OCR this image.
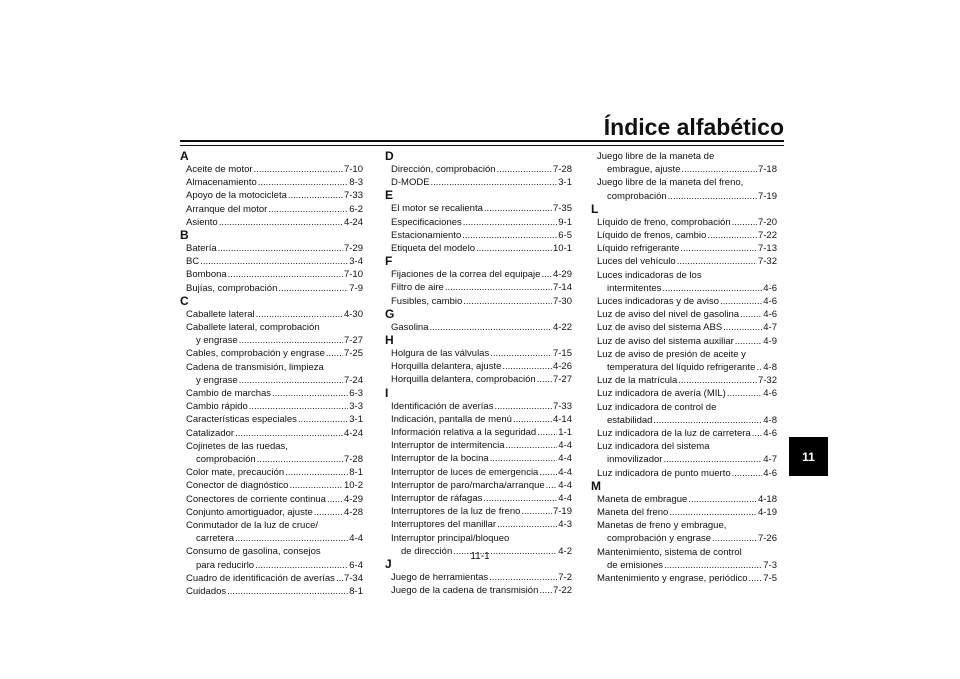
Índice alfabético
A
Aceite de motor .....	7-10
Almacenamiento .....	8-3
Apoyo de la motocicleta .....	7-33
Arranque del motor .....	6-2
Asiento .....	4-24
B
Batería .....	7-29
BC .....	3-4
Bombona .....	7-10
Bujías, comprobación .....	7-9
C
Caballete lateral .....	4-30
Caballete lateral, comprobación
y engrase .....	7-27
Cables, comprobación y engrase ..... 7-25
Cadena de transmisión, limpieza
y engrase .....	7-24
Cambio de marchas .....	6-3
Cambio rápido .....	3-3
Características especiales .....	3-1
Catalizador .....	4-24
Cojinetes de las ruedas,
comprobación .....	7-28
Color mate, precaución .....	8-1
Conector de diagnóstico .....	10-2
Conectores de corriente continua ..... 4-29
Conjunto amortiguador, ajuste .....	4-28
Conmutador de la luz de cruce/
carretera .....	4-4
Consumo de gasolina, consejos
para reducirlo .....	6-4
Cuadro de identificación de averías ..... 7-34
Cuidados .....	8-1
D
Dirección, comprobación .....	7-28
D-MODE .....	3-1
E
El motor se recalienta .....	7-35
Especificaciones .....	9-1
Estacionamiento .....	6-5
Etiqueta del modelo .....	10-1
F
Fijaciones de la correa del equipaje ..... 4-29
Filtro de aire .....	7-14
Fusibles, cambio .....	7-30
G
Gasolina .....	4-22
H
Holgura de las válvulas .....	7-15
Horquilla delantera, ajuste .....	4-26
Horquilla delantera, comprobación ..... 7-27
I
Identificación de averías .....	7-33
Indicación, pantalla de menú .....	4-14
Información relativa a la seguridad ..... 1-1
Interruptor de intermitencia .....	4-4
Interruptor de la bocina .....	4-4
Interruptor de luces de emergencia ..... 4-4
Interruptor de paro/marcha/arranque ..... 4-4
Interruptor de ráfagas .....	4-4
Interruptores de la luz de freno .....	7-19
Interruptores del manillar .....	4-3
Interruptor principal/bloqueo
de dirección .....	4-2
J
Juego de herramientas .....	7-2
Juego de la cadena de transmisión ..... 7-22
Juego libre de la maneta de
embrague, ajuste .....	7-18
Juego libre de la maneta del freno,
comprobación .....	7-19
L
Líquido de freno, comprobación .....	7-20
Líquido de frenos, cambio .....	7-22
Líquido refrigerante .....	7-13
Luces del vehículo .....	7-32
Luces indicadoras de los
intermitentes .....	4-6
Luces indicadoras y de aviso .....	4-6
Luz de aviso del nivel de gasolina .....	4-6
Luz de aviso del sistema ABS .....	4-7
Luz de aviso del sistema auxiliar .....	4-9
Luz de aviso de presión de aceite y
temperatura del líquido refrigerante ..... 4-8
Luz de la matrícula .....	7-32
Luz indicadora de avería (MIL) .....	4-6
Luz indicadora de control de
estabilidad .....	4-8
Luz indicadora de la luz de carretera ..... 4-6
Luz indicadora del sistema
inmovilizador .....	4-7
Luz indicadora de punto muerto .....	4-6
M
Maneta de embrague .....	4-18
Maneta del freno .....	4-19
Manetas de freno y embrague,
comprobación y engrase .....	7-26
Mantenimiento, sistema de control
de emisiones .....	7-3
Mantenimiento y engrase, periódico ..... 7-5
11
11-1
